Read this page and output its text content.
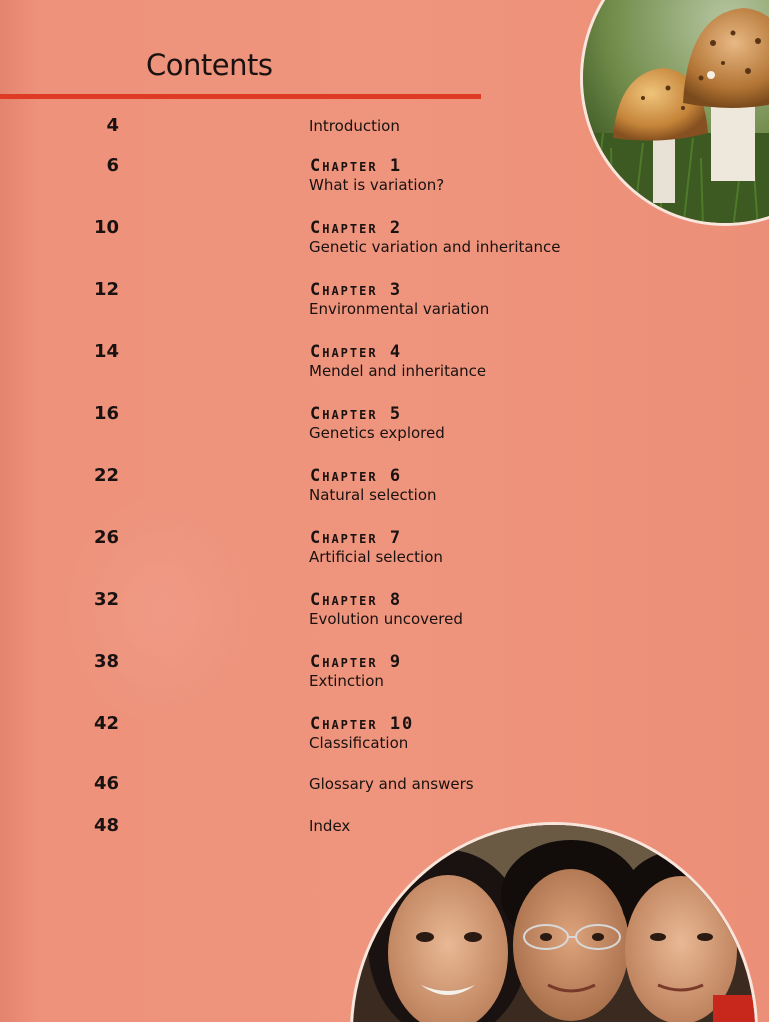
Contents
4	Introduction
6	Chapter 1
What is variation?
10	Chapter 2
Genetic variation and inheritance
12	Chapter 3
Environmental variation
14	Chapter 4
Mendel and inheritance
16	Chapter 5
Genetics explored
22	Chapter 6
Natural selection
26	Chapter 7
Artificial selection
32	Chapter 8
Evolution uncovered
38	Chapter 9
Extinction
42	Chapter 10
Classification
46	Glossary and answers
48	Index
